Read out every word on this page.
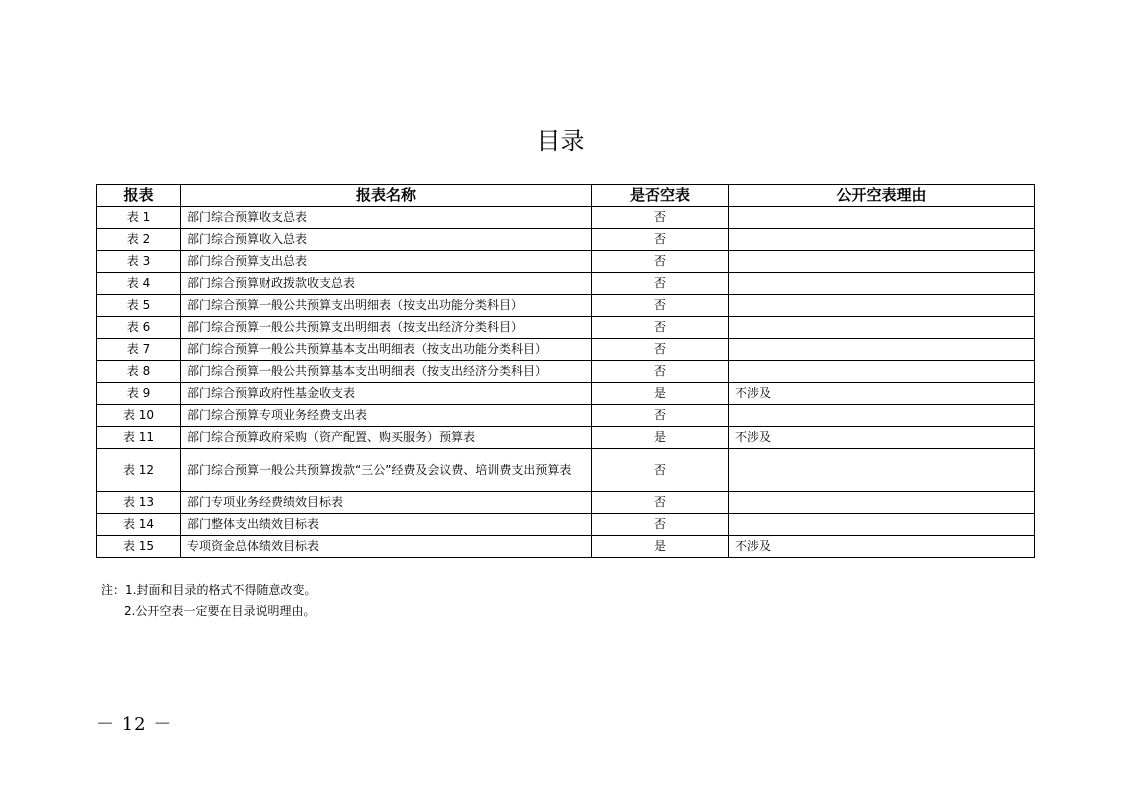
目录
报表	报表名称	是否空表	公开空表理由
表 1	部门综合预算收支总表	否	
表 2	部门综合预算收入总表	否	
表 3	部门综合预算支出总表	否	
表 4	部门综合预算财政拨款收支总表	否	
表 5	部门综合预算一般公共预算支出明细表（按支出功能分类科目）	否	
表 6	部门综合预算一般公共预算支出明细表（按支出经济分类科目）	否	
表 7	部门综合预算一般公共预算基本支出明细表（按支出功能分类科目）	否	
表 8	部门综合预算一般公共预算基本支出明细表（按支出经济分类科目）	否	
表 9	部门综合预算政府性基金收支表	是	不涉及
表 10	部门综合预算专项业务经费支出表	否	
表 11	部门综合预算政府采购（资产配置、购买服务）预算表	是	不涉及
表 12	部门综合预算一般公共预算拨款“三公”经费及会议费、培训费支出预算表	否	
表 13	部门专项业务经费绩效目标表	否	
表 14	部门整体支出绩效目标表	否	
表 15	专项资金总体绩效目标表	是	不涉及
注：1.封面和目录的格式不得随意改变。
2.公开空表一定要在目录说明理由。
－ 12 －
